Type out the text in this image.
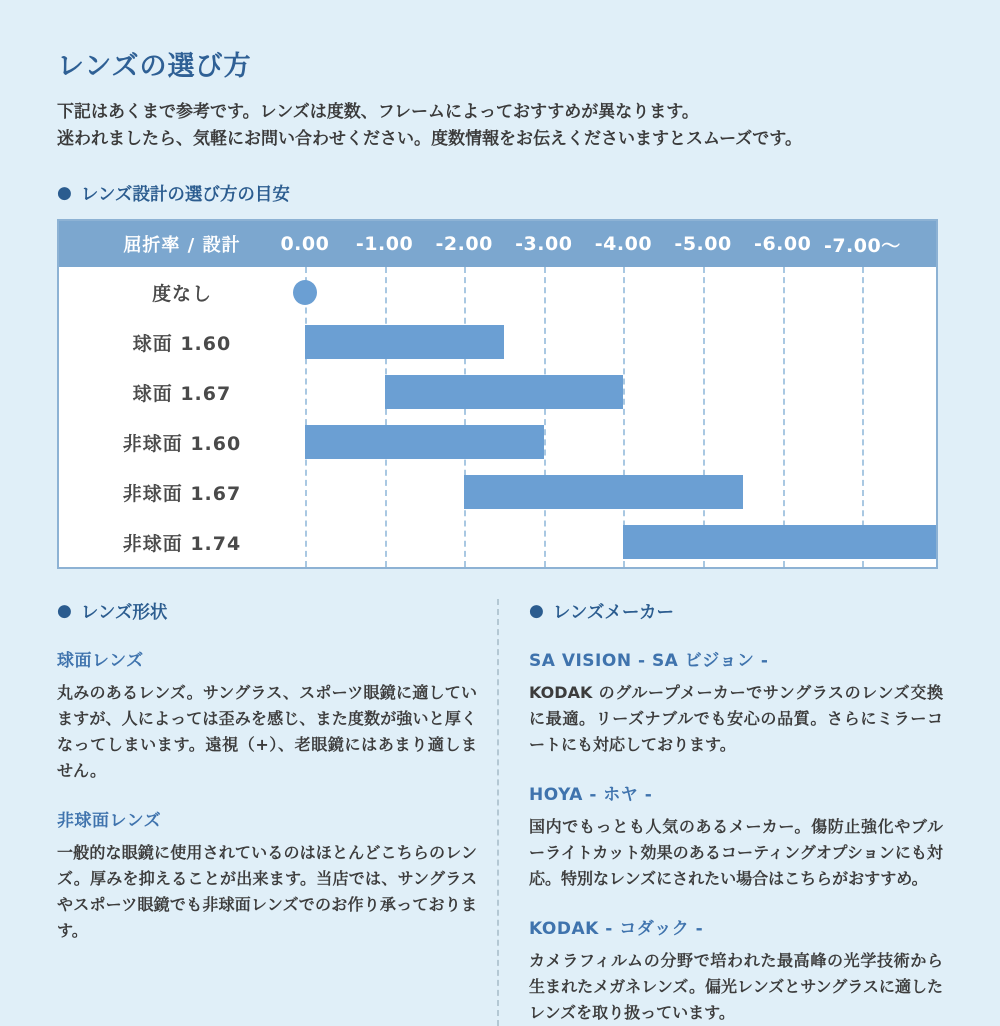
レンズの選び方

下記はあくまで参考です。レンズは度数、フレームによっておすすめが異なります。
迷われましたら、気軽にお問い合わせください。度数情報をお伝えくださいますとスムーズです。

● レンズ設計の選び方の目安
屈折率 / 設計	0.00 -1.00 -2.00 -3.00 -4.00 -5.00 -6.00 -7.00～
度なし
球面 1.60
球面 1.67
非球面 1.60
非球面 1.67
非球面 1.74
● レンズ形状
球面レンズ

丸みのあるレンズ。サングラス、スポーツ眼鏡に適していますが、人によっては歪みを感じ、また度数が強いと厚くなってしまいます。遠視（+）、老眼鏡にはあまり適しません。

非球面レンズ

一般的な眼鏡に使用されているのはほとんどこちらのレンズ。厚みを抑えることが出来ます。当店では、サングラスやスポーツ眼鏡でも非球面レンズでのお作り承っております。

● レンズメーカー
SA VISION - SA ビジョン -

KODAK のグループメーカーでサングラスのレンズ交換に最適。リーズナブルでも安心の品質。さらにミラーコートにも対応しております。

HOYA - ホヤ -

国内でもっとも人気のあるメーカー。傷防止強化やブルーライトカット効果のあるコーティングオプションにも対応。特別なレンズにされたい場合はこちらがおすすめ。

KODAK - コダック -

カメラフィルムの分野で培われた最高峰の光学技術から生まれたメガネレンズ。偏光レンズとサングラスに適したレンズを取り扱っています。
